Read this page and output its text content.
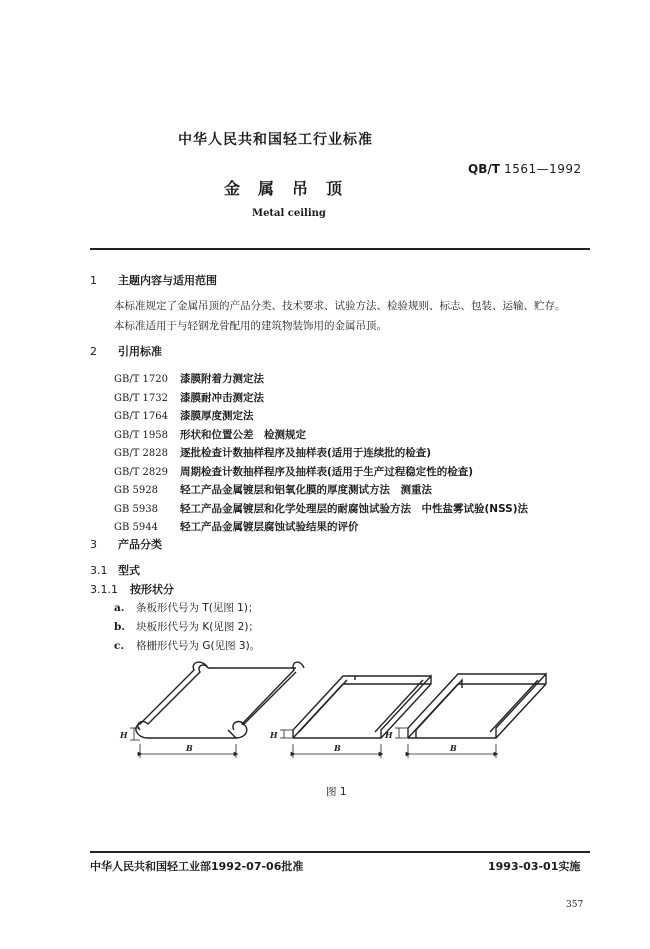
中华人民共和国轻工行业标准
QB/T 1561—1992
金属吊顶
Metal ceiling
1 主题内容与适用范围
本标准规定了金属吊顶的产品分类、技术要求、试验方法、检验规则、标志、包装、运输、贮存。
本标准适用于与轻钢龙骨配用的建筑物装饰用的金属吊顶。
2 引用标准
GB/T 1720 漆膜附着力测定法
GB/T 1732 漆膜耐冲击测定法
GB/T 1764 漆膜厚度测定法
GB/T 1958 形状和位置公差　检测规定
GB/T 2828 逐批检查计数抽样程序及抽样表(适用于连续批的检查)
GB/T 2829 周期检查计数抽样程序及抽样表(适用于生产过程稳定性的检查)
GB 5928 轻工产品金属镀层和铝氧化膜的厚度测试方法　测重法
GB 5938 轻工产品金属镀层和化学处理层的耐腐蚀试验方法　中性盐雾试验(NSS)法
GB 5944 轻工产品金属镀层腐蚀试验结果的评价
3 产品分类
3.1 型式
3.1.1 按形状分
a. 条板形代号为 T(见图 1)；
b. 块板形代号为 K(见图 2)；
c. 格栅形代号为 G(见图 3)。
H
B
H
B
H
B
图 1
中华人民共和国轻工业部1992-07-06批准	1993-03-01实施
357
